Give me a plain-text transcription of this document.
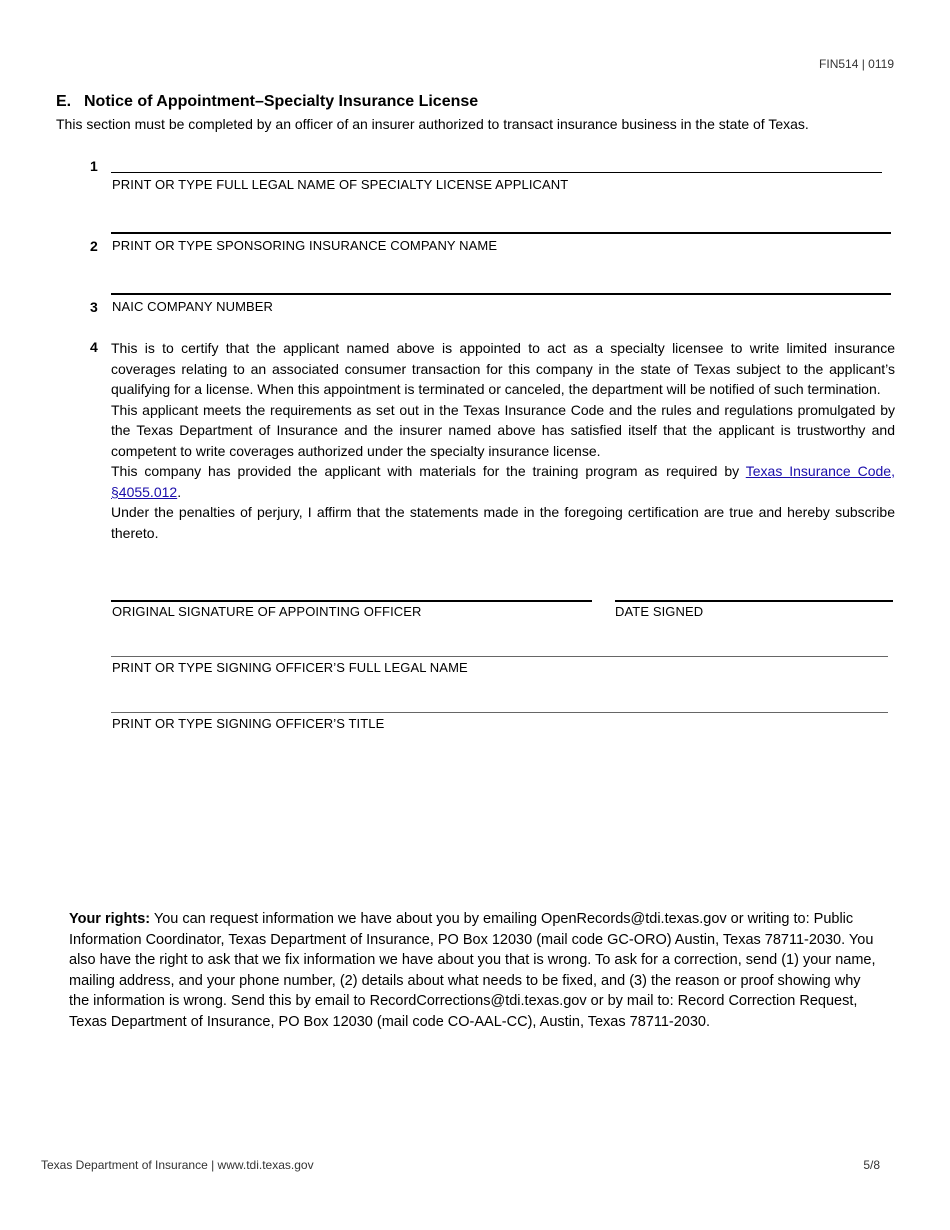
FIN514 | 0119
E. Notice of Appointment–Specialty Insurance License
This section must be completed by an officer of an insurer authorized to transact insurance business in the state of Texas.
1
PRINT OR TYPE FULL LEGAL NAME OF SPECIALTY LICENSE APPLICANT
2 PRINT OR TYPE SPONSORING INSURANCE COMPANY NAME
3 NAIC COMPANY NUMBER
4 This is to certify that the applicant named above is appointed to act as a specialty licensee to write limited insurance coverages relating to an associated consumer transaction for this company in the state of Texas subject to the applicant’s qualifying for a license. When this appointment is terminated or canceled, the department will be notified of such termination.

This applicant meets the requirements as set out in the Texas Insurance Code and the rules and regulations promulgated by the Texas Department of Insurance and the insurer named above has satisfied itself that the applicant is trustworthy and competent to write coverages authorized under the specialty insurance license.

This company has provided the applicant with materials for the training program as required by Texas Insurance Code, §4055.012.

Under the penalties of perjury, I affirm that the statements made in the foregoing certification are true and hereby subscribe thereto.

ORIGINAL SIGNATURE OF APPOINTING OFFICER	DATE SIGNED
PRINT OR TYPE SIGNING OFFICER’S FULL LEGAL NAME
PRINT OR TYPE SIGNING OFFICER’S TITLE
Your rights: You can request information we have about you by emailing OpenRecords@tdi.texas.gov or writing to: Public Information Coordinator, Texas Department of Insurance, PO Box 12030 (mail code GC-ORO) Austin, Texas 78711-2030. You also have the right to ask that we fix information we have about you that is wrong. To ask for a correction, send (1) your name, mailing address, and your phone number, (2) details about what needs to be fixed, and (3) the reason or proof showing why the information is wrong. Send this by email to RecordCorrections@tdi.texas.gov or by mail to: Record Correction Request, Texas Department of Insurance, PO Box 12030 (mail code CO-AAL-CC), Austin, Texas 78711-2030.
Texas Department of Insurance | www.tdi.texas.gov	5/8
